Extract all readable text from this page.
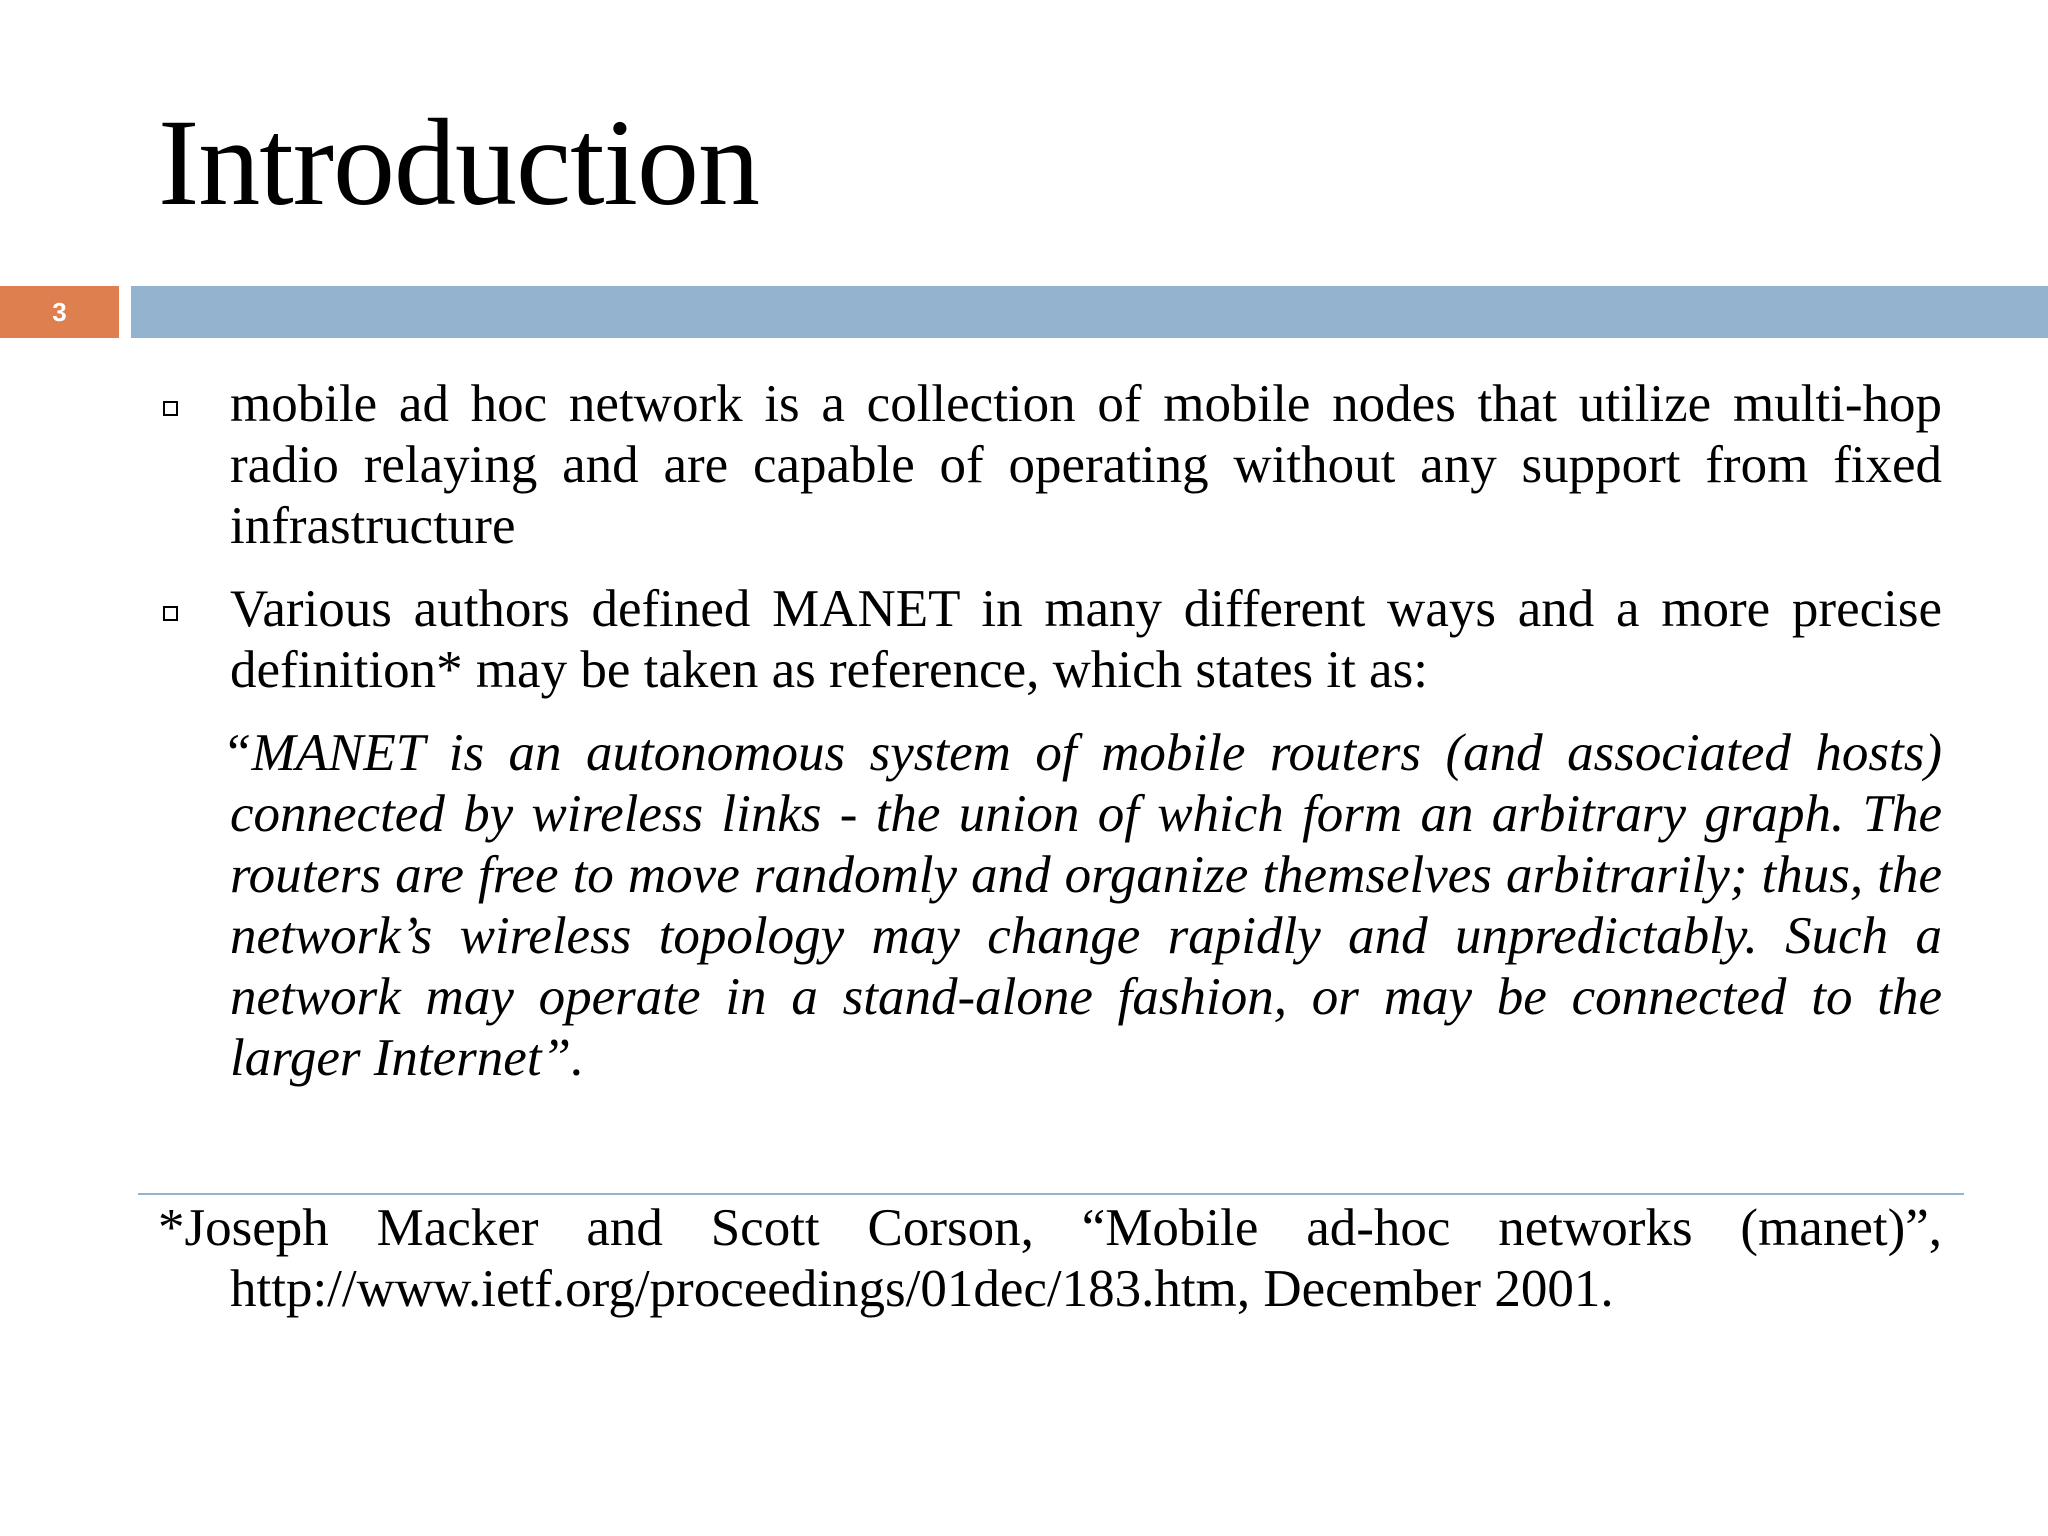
Introduction
3
mobile ad hoc network is a collection of mobile nodes that utilize multi-hop radio relaying and are capable of operating without any support from fixed infrastructure
Various authors defined MANET in many different ways and a more precise definition* may be taken as reference, which states it as:
“MANET is an autonomous system of mobile routers (and associated hosts) connected by wireless links - the union of which form an arbitrary graph. The routers are free to move randomly and organize themselves arbitrarily; thus, the network’s wireless topology may change rapidly and unpredictably. Such a network may operate in a stand-alone fashion, or may be connected to the larger Internet”.
*Joseph Macker and Scott Corson, “Mobile ad-hoc networks (manet)”, http://www.ietf.org/proceedings/01dec/183.htm, December 2001.
